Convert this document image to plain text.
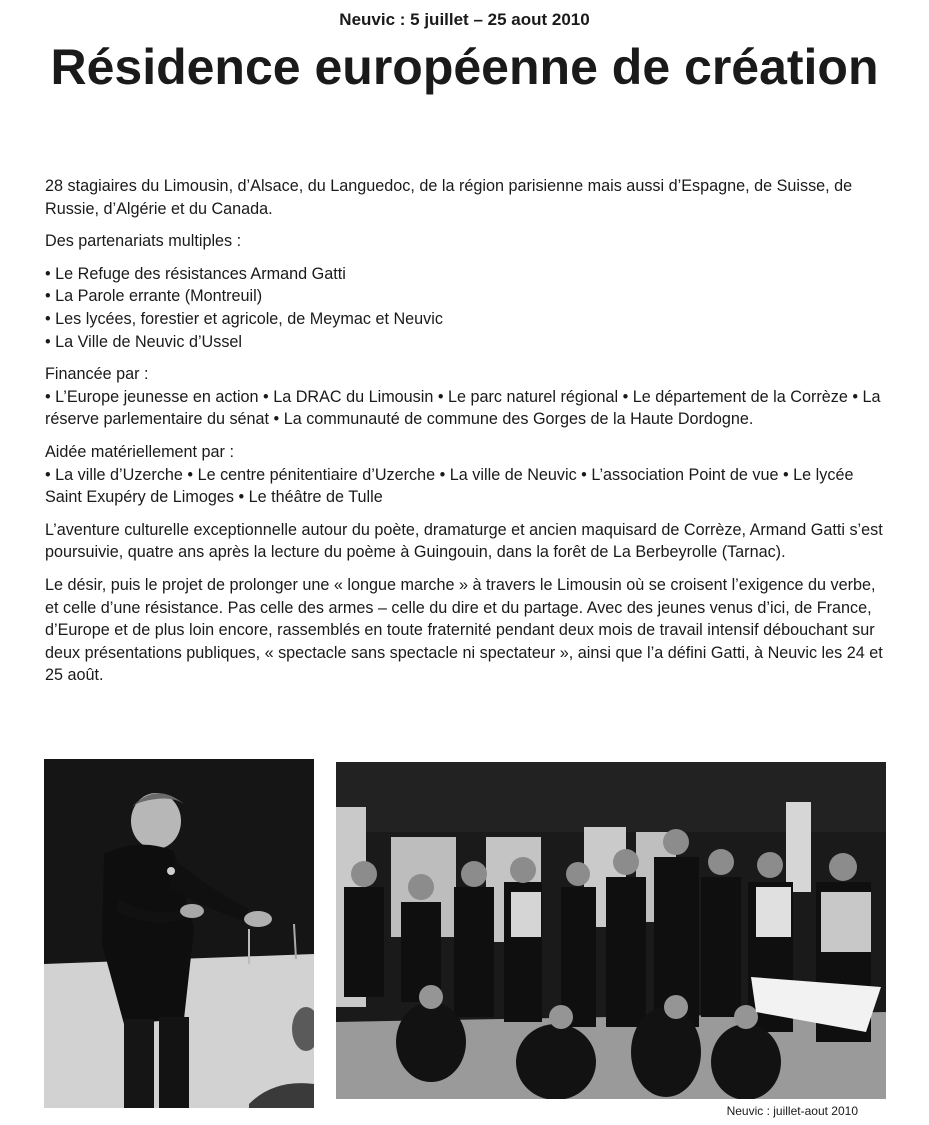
Neuvic : 5 juillet – 25 aout 2010
Résidence européenne de création

28 stagiaires du Limousin, d’Alsace, du Languedoc, de la région parisienne mais aussi d’Espagne, de Suisse, de Russie, d’Algérie et du Canada.

Des partenariats multiples :

• Le Refuge des résistances Armand Gatti
• La Parole errante (Montreuil)
• Les lycées, forestier et agricole, de Meymac et Neuvic
• La Ville de Neuvic d’Ussel

Financée par :
• L’Europe jeunesse en action • La DRAC du Limousin • Le parc naturel régional • Le département de la Corrèze • La réserve parlementaire du sénat • La communauté de commune des Gorges de la Haute Dordogne.

Aidée matériellement par :
• La ville d’Uzerche • Le centre pénitentiaire d’Uzerche • La ville de Neuvic • L’association Point de vue • Le lycée Saint Exupéry de Limoges • Le théâtre de Tulle

L’aventure culturelle exceptionnelle autour du poète, dramaturge et ancien maquisard de Corrèze, Armand Gatti s’est poursuivie, quatre ans après la lecture du poème à Guingouin, dans la forêt de La Berbeyrolle (Tarnac).

Le désir, puis le projet de prolonger une « longue marche » à travers le Limousin où se croisent l’exigence du verbe, et celle d’une résistance. Pas celle des armes – celle du dire et du partage. Avec des jeunes venus d’ici, de France, d’Europe et de plus loin encore, rassemblés en toute fraternité pendant deux mois de travail intensif débouchant sur deux présentations publiques, « spectacle sans spectacle ni spectateur », ainsi que l’a défini Gatti, à Neuvic les 24 et 25 août.

Neuvic : juillet-aout 2010
